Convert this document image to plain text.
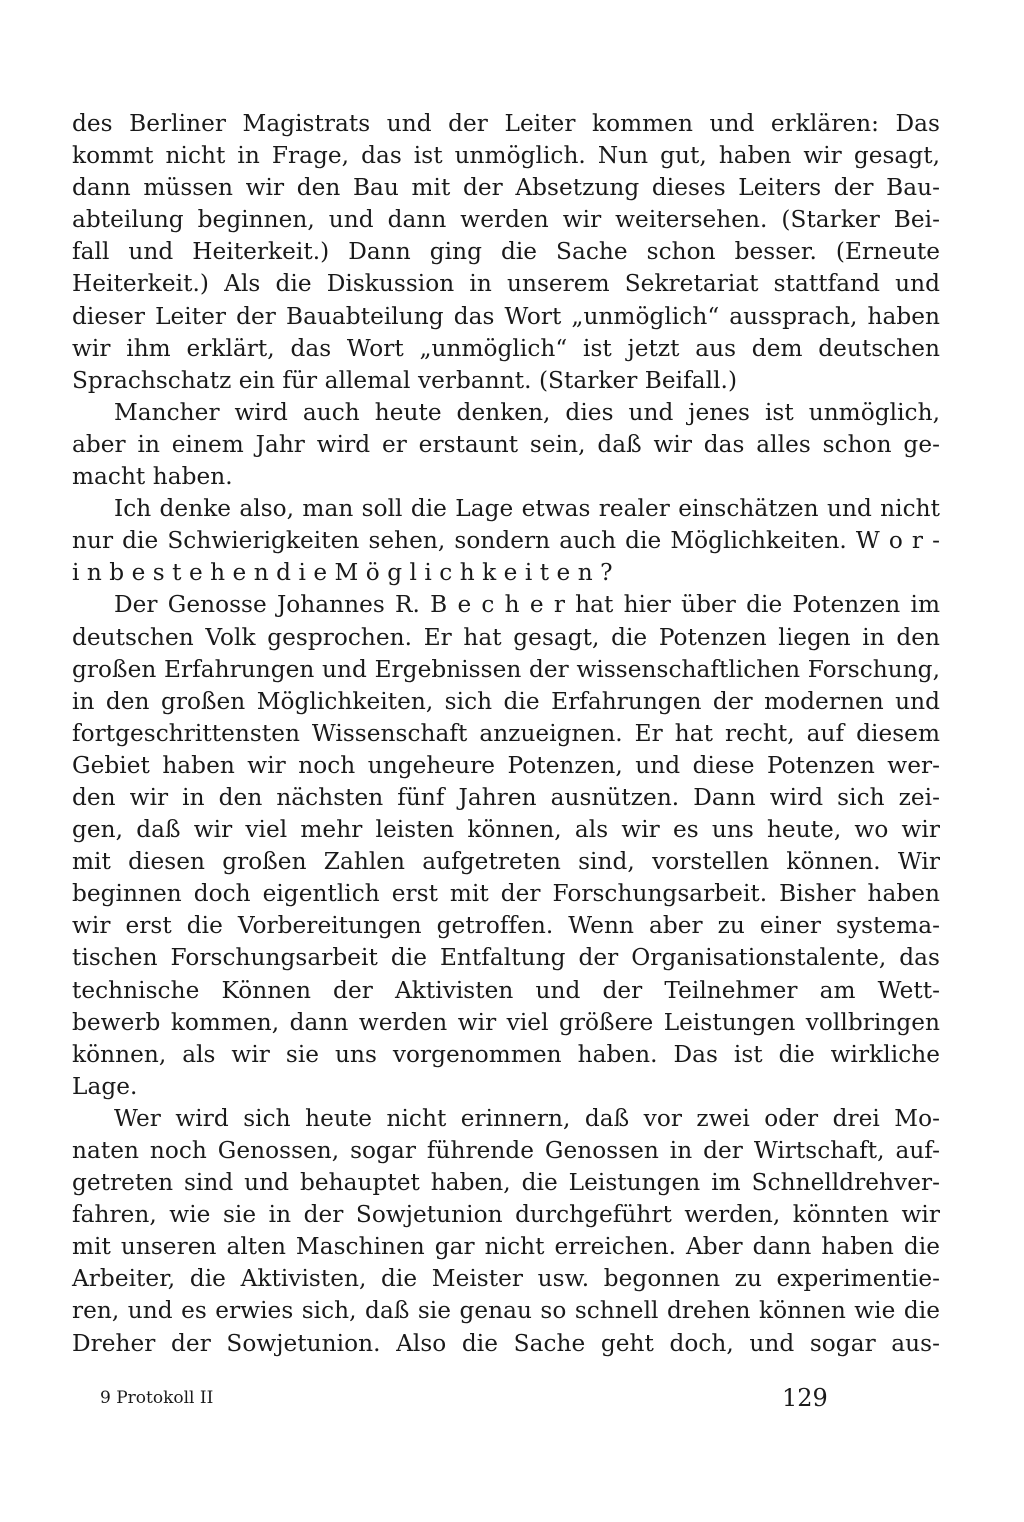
des Berliner Magistrats und der Leiter kommen und erklären: Das
kommt nicht in Frage, das ist unmöglich. Nun gut, haben wir gesagt,
dann müssen wir den Bau mit der Absetzung dieses Leiters der Bau-
abteilung beginnen, und dann werden wir weitersehen. (Starker Bei-
fall und Heiterkeit.) Dann ging die Sache schon besser. (Erneute
Heiterkeit.) Als die Diskussion in unserem Sekretariat stattfand und
dieser Leiter der Bauabteilung das Wort „unmöglich“ aussprach, haben
wir ihm erklärt, das Wort „unmöglich“ ist jetzt aus dem deutschen
Sprachschatz ein für allemal verbannt. (Starker Beifall.)
Mancher wird auch heute denken, dies und jenes ist unmöglich,
aber in einem Jahr wird er erstaunt sein, daß wir das alles schon ge-
macht haben.
Ich denke also, man soll die Lage etwas realer einschätzen und nicht
nur die Schwierigkeiten sehen, sondern auch die Möglichkeiten. W o r -
i n b e s t e h e n d i e M ö g l i c h k e i t e n ?
Der Genosse Johannes R. B e c h e r hat hier über die Potenzen im
deutschen Volk gesprochen. Er hat gesagt, die Potenzen liegen in den
großen Erfahrungen und Ergebnissen der wissenschaftlichen Forschung,
in den großen Möglichkeiten, sich die Erfahrungen der modernen und
fortgeschrittensten Wissenschaft anzueignen. Er hat recht, auf diesem
Gebiet haben wir noch ungeheure Potenzen, und diese Potenzen wer-
den wir in den nächsten fünf Jahren ausnützen. Dann wird sich zei-
gen, daß wir viel mehr leisten können, als wir es uns heute, wo wir
mit diesen großen Zahlen aufgetreten sind, vorstellen können. Wir
beginnen doch eigentlich erst mit der Forschungsarbeit. Bisher haben
wir erst die Vorbereitungen getroffen. Wenn aber zu einer systema-
tischen Forschungsarbeit die Entfaltung der Organisationstalente, das
technische Können der Aktivisten und der Teilnehmer am Wett-
bewerb kommen, dann werden wir viel größere Leistungen vollbringen
können, als wir sie uns vorgenommen haben. Das ist die wirkliche
Lage.
Wer wird sich heute nicht erinnern, daß vor zwei oder drei Mo-
naten noch Genossen, sogar führende Genossen in der Wirtschaft, auf-
getreten sind und behauptet haben, die Leistungen im Schnelldrehver-
fahren, wie sie in der Sowjetunion durchgeführt werden, könnten wir
mit unseren alten Maschinen gar nicht erreichen. Aber dann haben die
Arbeiter, die Aktivisten, die Meister usw. begonnen zu experimentie-
ren, und es erwies sich, daß sie genau so schnell drehen können wie die
Dreher der Sowjetunion. Also die Sache geht doch, und sogar aus-
9 Protokoll II	129
